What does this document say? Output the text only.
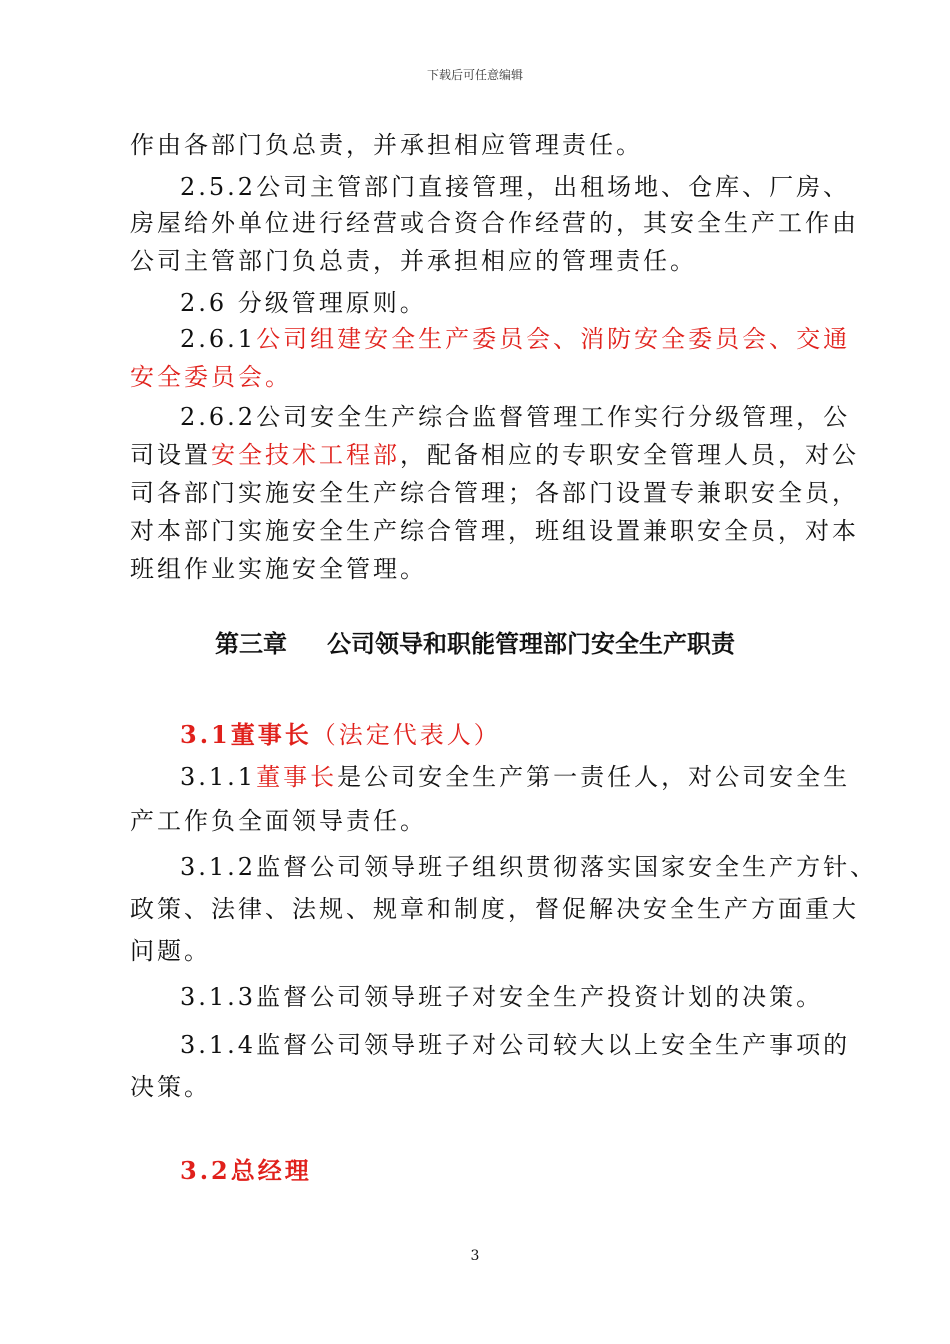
下载后可任意编辑
作由各部门负总责，并承担相应管理责任。
2.5.2公司主管部门直接管理，出租场地、仓库、厂房、
房屋给外单位进行经营或合资合作经营的，其安全生产工作由
公司主管部门负总责，并承担相应的管理责任。
2.6 分级管理原则。
2.6.1公司组建安全生产委员会、消防安全委员会、交通
安全委员会。
2.6.2公司安全生产综合监督管理工作实行分级管理，公
司设置安全技术工程部，配备相应的专职安全管理人员，对公
司各部门实施安全生产综合管理；各部门设置专兼职安全员，
对本部门实施安全生产综合管理，班组设置兼职安全员，对本
班组作业实施安全管理。
第三章 公司领导和职能管理部门安全生产职责
3.1董事长（法定代表人）
3.1.1董事长是公司安全生产第一责任人，对公司安全生
产工作负全面领导责任。
3.1.2监督公司领导班子组织贯彻落实国家安全生产方针、
政策、法律、法规、规章和制度，督促解决安全生产方面重大
问题。
3.1.3监督公司领导班子对安全生产投资计划的决策。
3.1.4监督公司领导班子对公司较大以上安全生产事项的
决策。
3.2总经理
3
